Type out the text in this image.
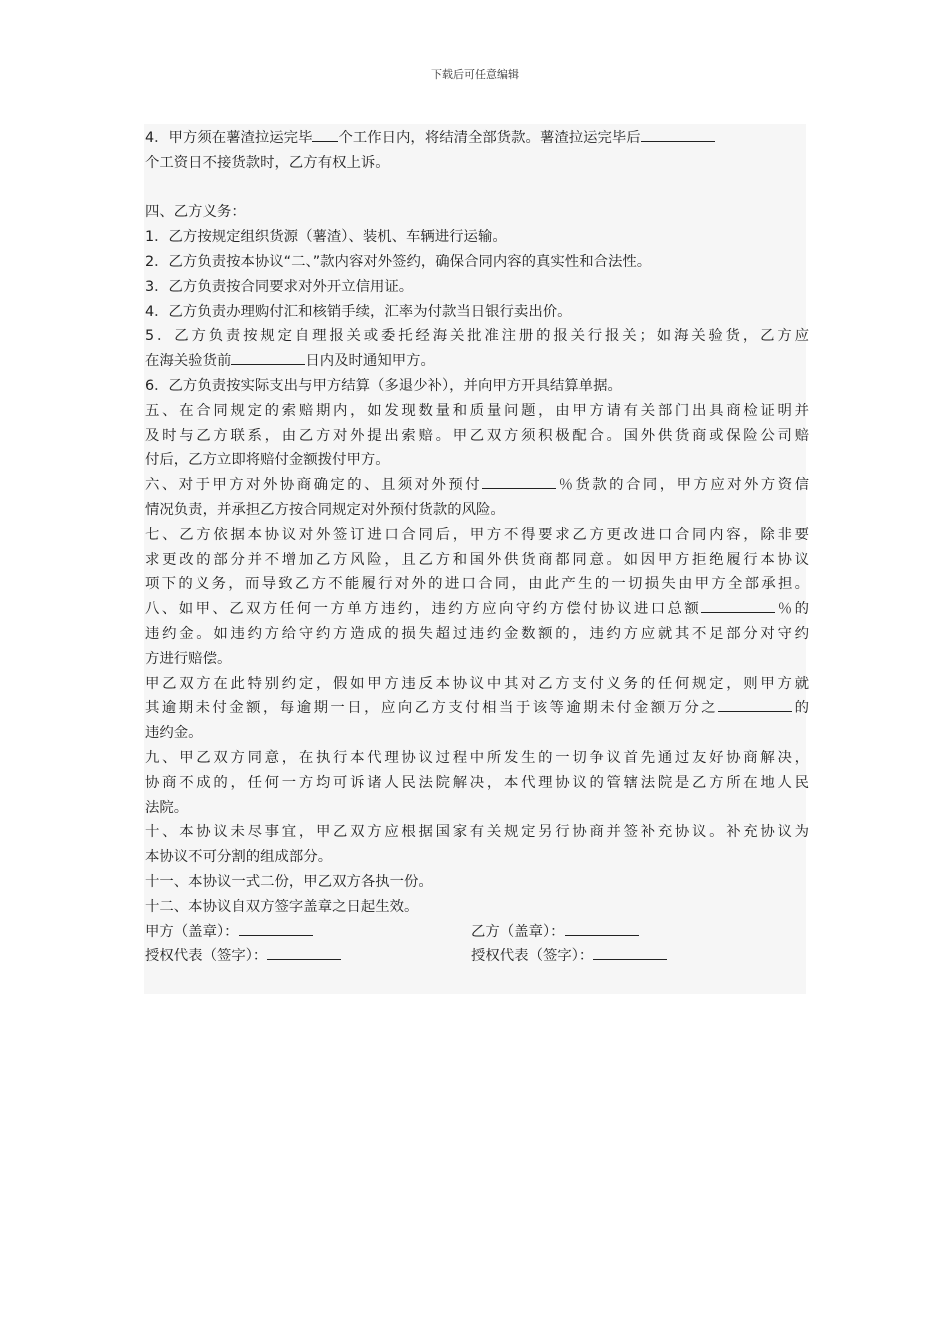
下载后可任意编辑
4．甲方须在薯渣拉运完毕 个工作日内，将结清全部货款。薯渣拉运完毕后
个工资日不接货款时，乙方有权上诉。
四、乙方义务：
1．乙方按规定组织货源（薯渣）、装机、车辆进行运输。
2．乙方负责按本协议“二、”款内容对外签约，确保合同内容的真实性和合法性。
3．乙方负责按合同要求对外开立信用证。
4．乙方负责办理购付汇和核销手续，汇率为付款当日银行卖出价。
5．乙方负责按规定自理报关或委托经海关批准注册的报关行报关；如海关验货，乙方应
在海关验货前	日内及时通知甲方。
6．乙方负责按实际支出与甲方结算（多退少补），并向甲方开具结算单据。
五、在合同规定的索赔期内，如发现数量和质量问题，由甲方请有关部门出具商检证明并
及时与乙方联系，由乙方对外提出索赔。甲乙双方须积极配合。国外供货商或保险公司赔
付后，乙方立即将赔付金额拨付甲方。
六、对于甲方对外协商确定的、且须对外预付	％货款的合同，甲方应对外方资信
情况负责，并承担乙方按合同规定对外预付货款的风险。
七、乙方依据本协议对外签订进口合同后，甲方不得要求乙方更改进口合同内容，除非要
求更改的部分并不增加乙方风险，且乙方和国外供货商都同意。如因甲方拒绝履行本协议
项下的义务，而导致乙方不能履行对外的进口合同，由此产生的一切损失由甲方全部承担。
八、如甲、乙双方任何一方单方违约，违约方应向守约方偿付协议进口总额	％的
违约金。如违约方给守约方造成的损失超过违约金数额的，违约方应就其不足部分对守约
方进行赔偿。
甲乙双方在此特别约定，假如甲方违反本协议中其对乙方支付义务的任何规定，则甲方就
其逾期未付金额，每逾期一日，应向乙方支付相当于该等逾期未付金额万分之	的
违约金。
九、甲乙双方同意，在执行本代理协议过程中所发生的一切争议首先通过友好协商解决，
协商不成的，任何一方均可诉诸人民法院解决，本代理协议的管辖法院是乙方所在地人民
法院。
十、本协议未尽事宜，甲乙双方应根据国家有关规定另行协商并签补充协议。补充协议为
本协议不可分割的组成部分。
十一、本协议一式二份，甲乙双方各执一份。
十二、本协议自双方签字盖章之日起生效。
甲方（盖章）：	乙方（盖章）：
授权代表（签字）：	授权代表（签字）：
